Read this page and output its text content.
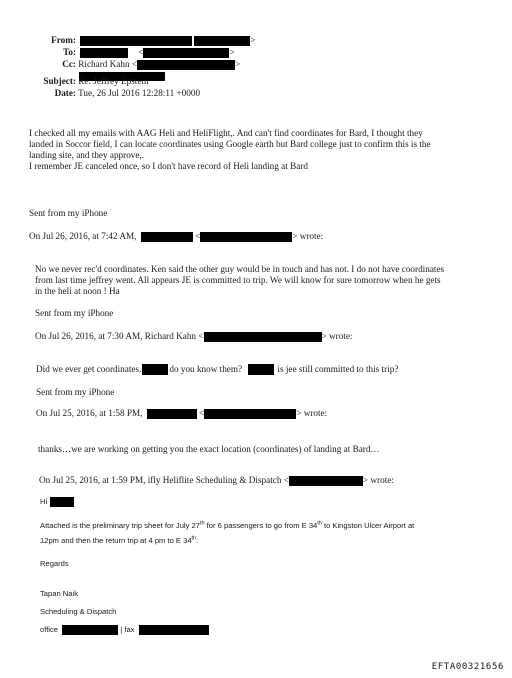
From:	>
To:	<	>
Cc: Richard Kahn <	>
Subject: Re: Jeffrey Epstein
Date: Tue, 26 Jul 2016 12:28:11 +0000
I checked all my emails with AAG Heli and HeliFlight,. And can't find coordinates for Bard, I thought they
landed in Soccor field, I can locate coordinates using Google earth but Bard college just to confirm this is the
landing site, and they approve,.
I remember JE canceled once, so I don't have record of Heli landing at Bard
Sent from my iPhone
On Jul 26, 2016, at 7:42 AM,	<	> wrote:
No we never rec'd coordinates. Ken said the other guy would be in touch and has not. I do not have coordinates
from last time jeffrey went. All appears JE is committed to trip. We will know for sure tomorrow when he gets
in the heli at noon ! Ha
Sent from my iPhone
On Jul 26, 2016, at 7:30 AM, Richard Kahn <	> wrote:
Did we ever get coordinates.	do you know them?	is jee still committed to this trip?
Sent from my iPhone
On Jul 25, 2016, at 1:58 PM,	<	> wrote:
thanks…we are working on getting you the exact location (coordinates) of landing at Bard…
On Jul 25, 2016, at 1:59 PM, ifly Heliflite Scheduling & Dispatch <	> wrote:
Hi
Attached is the preliminary trip sheet for July 27th for 6 passengers to go from E 34th to Kingston Ulcer Airport at
12pm and then the return trip at 4 pm to E 34th.
Regards
Tapan Naik
Scheduling & Dispatch
office	| fax
EFTA00321656
